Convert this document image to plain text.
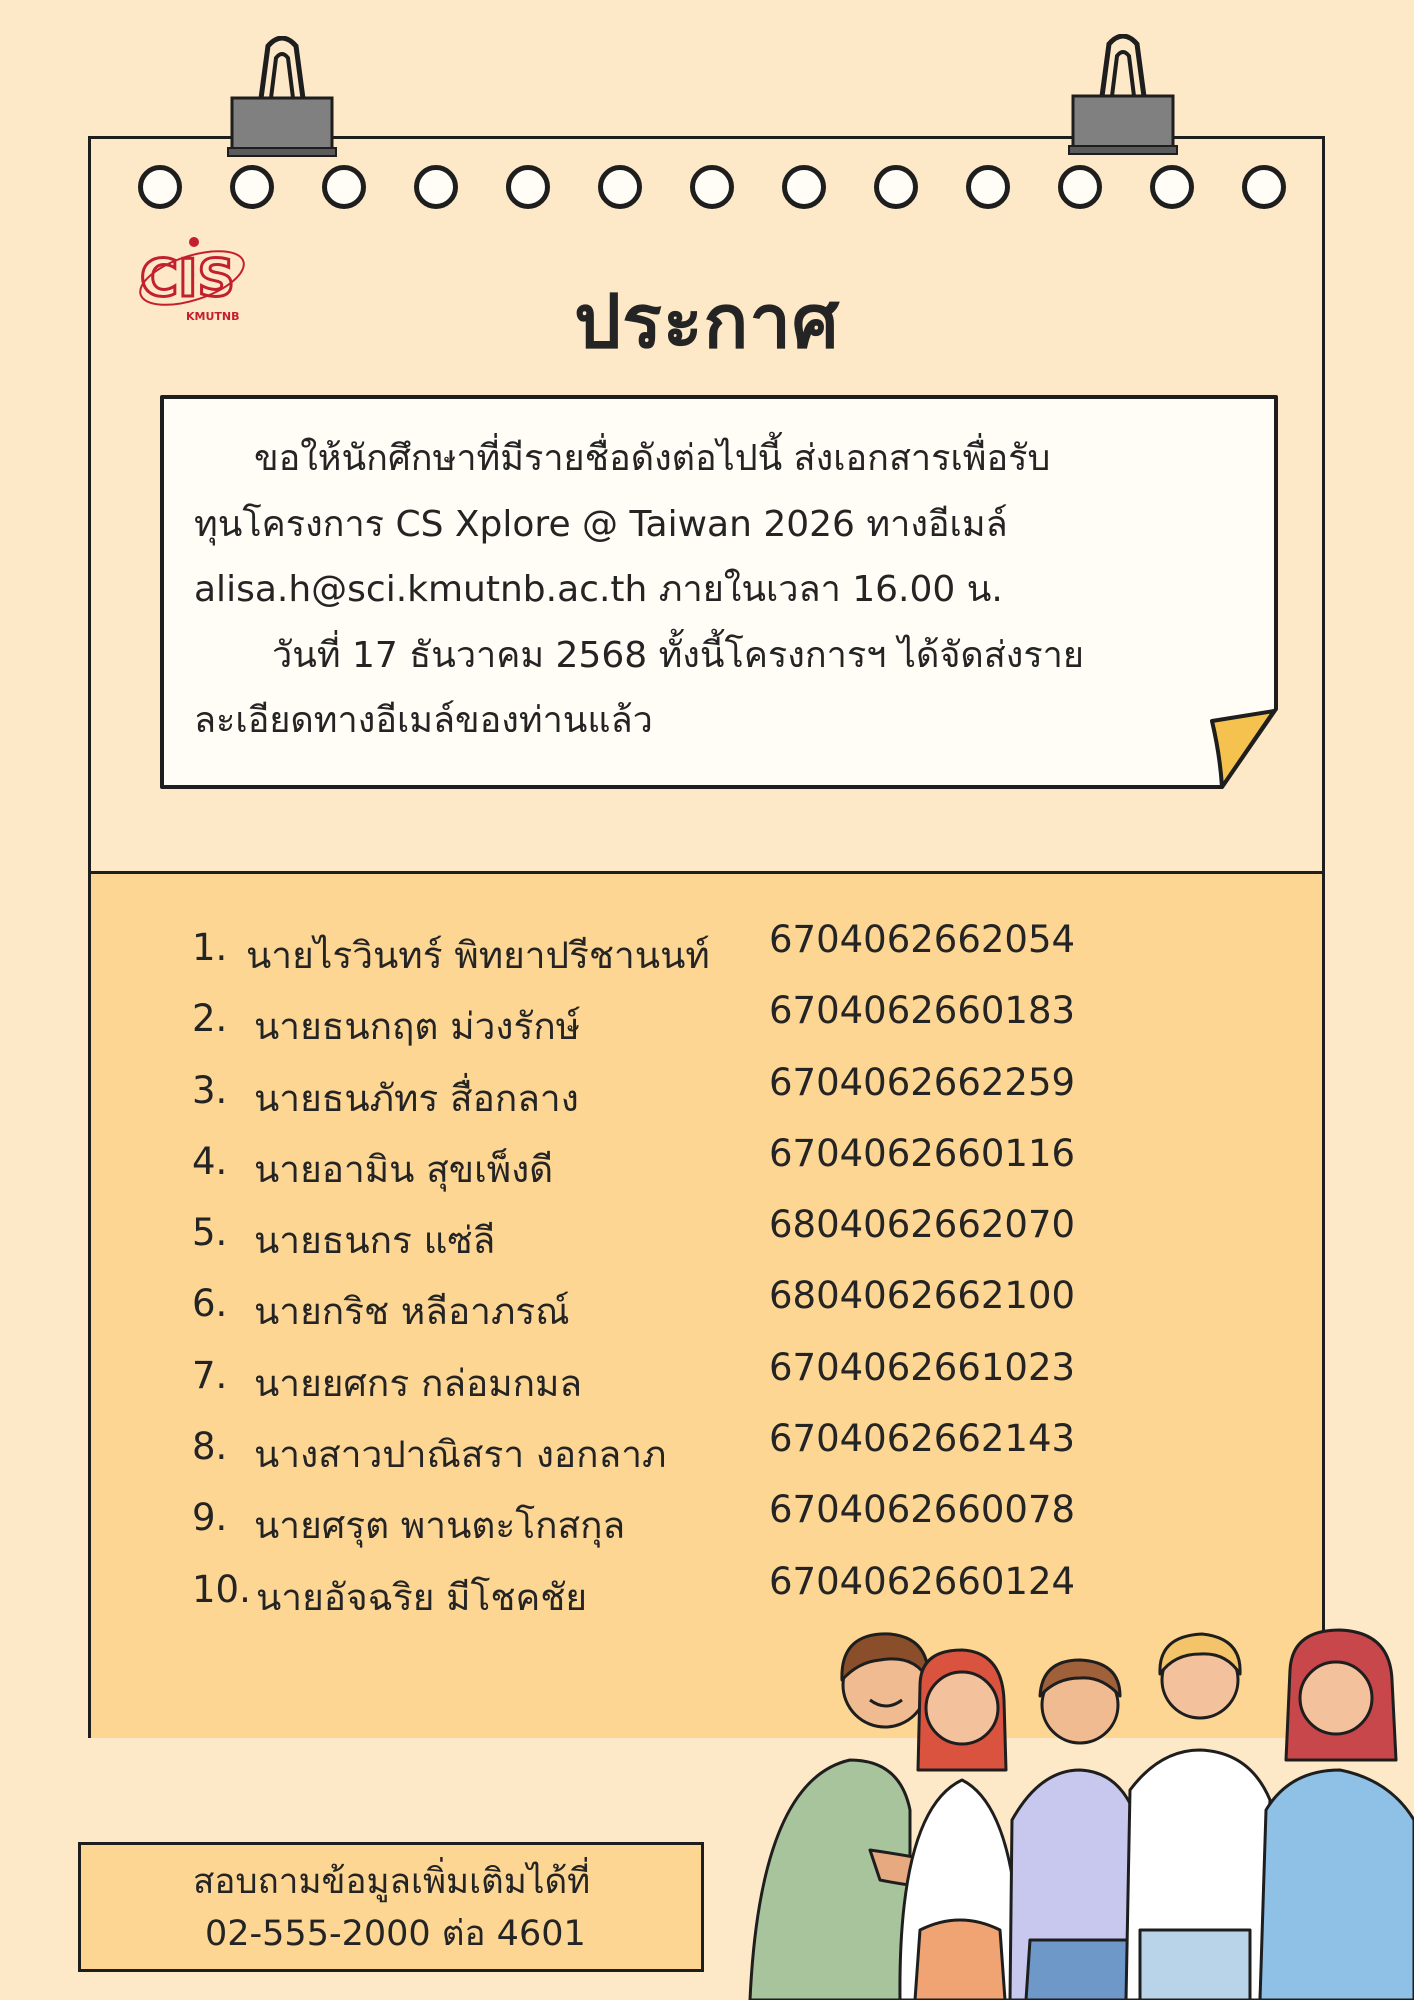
CIS
KMUTNB	ประกาศ

ขอให้นักศึกษาที่มีรายชื่อดังต่อไปนี้ ส่งเอกสารเพื่อรับ

ทุนโครงการ CS Xplore @ Taiwan 2026 ทางอีเมล์

alisa.h@sci.kmutnb.ac.th ภายในเวลา 16.00 น.

วันที่ 17 ธันวาคม 2568 ทั้งนี้โครงการฯ ได้จัดส่งราย

ละเอียดทางอีเมล์ของท่านแล้ว

1. นายไรวินทร์ พิทยาปรีชานนท์ 6704062662054
2. นายธนกฤต ม่วงรักษ์	6704062660183
3. นายธนภัทร สื่อกลาง	6704062662259
4. นายอามิน สุขเพ็งดี	6704062660116
5. นายธนกร แซ่ลี	6804062662070
6. นายกริช หลีอาภรณ์	6804062662100
7. นายยศกร กล่อมกมล	6704062661023
8. นางสาวปาณิสรา งอกลาภ	6704062662143
9. นายศรุต พานตะโกสกุล	6704062660078
10. นายอัจฉริย มีโชคชัย	6704062660124
สอบถามข้อมูลเพิ่มเติมได้ที่
02-555-2000 ต่อ 4601
